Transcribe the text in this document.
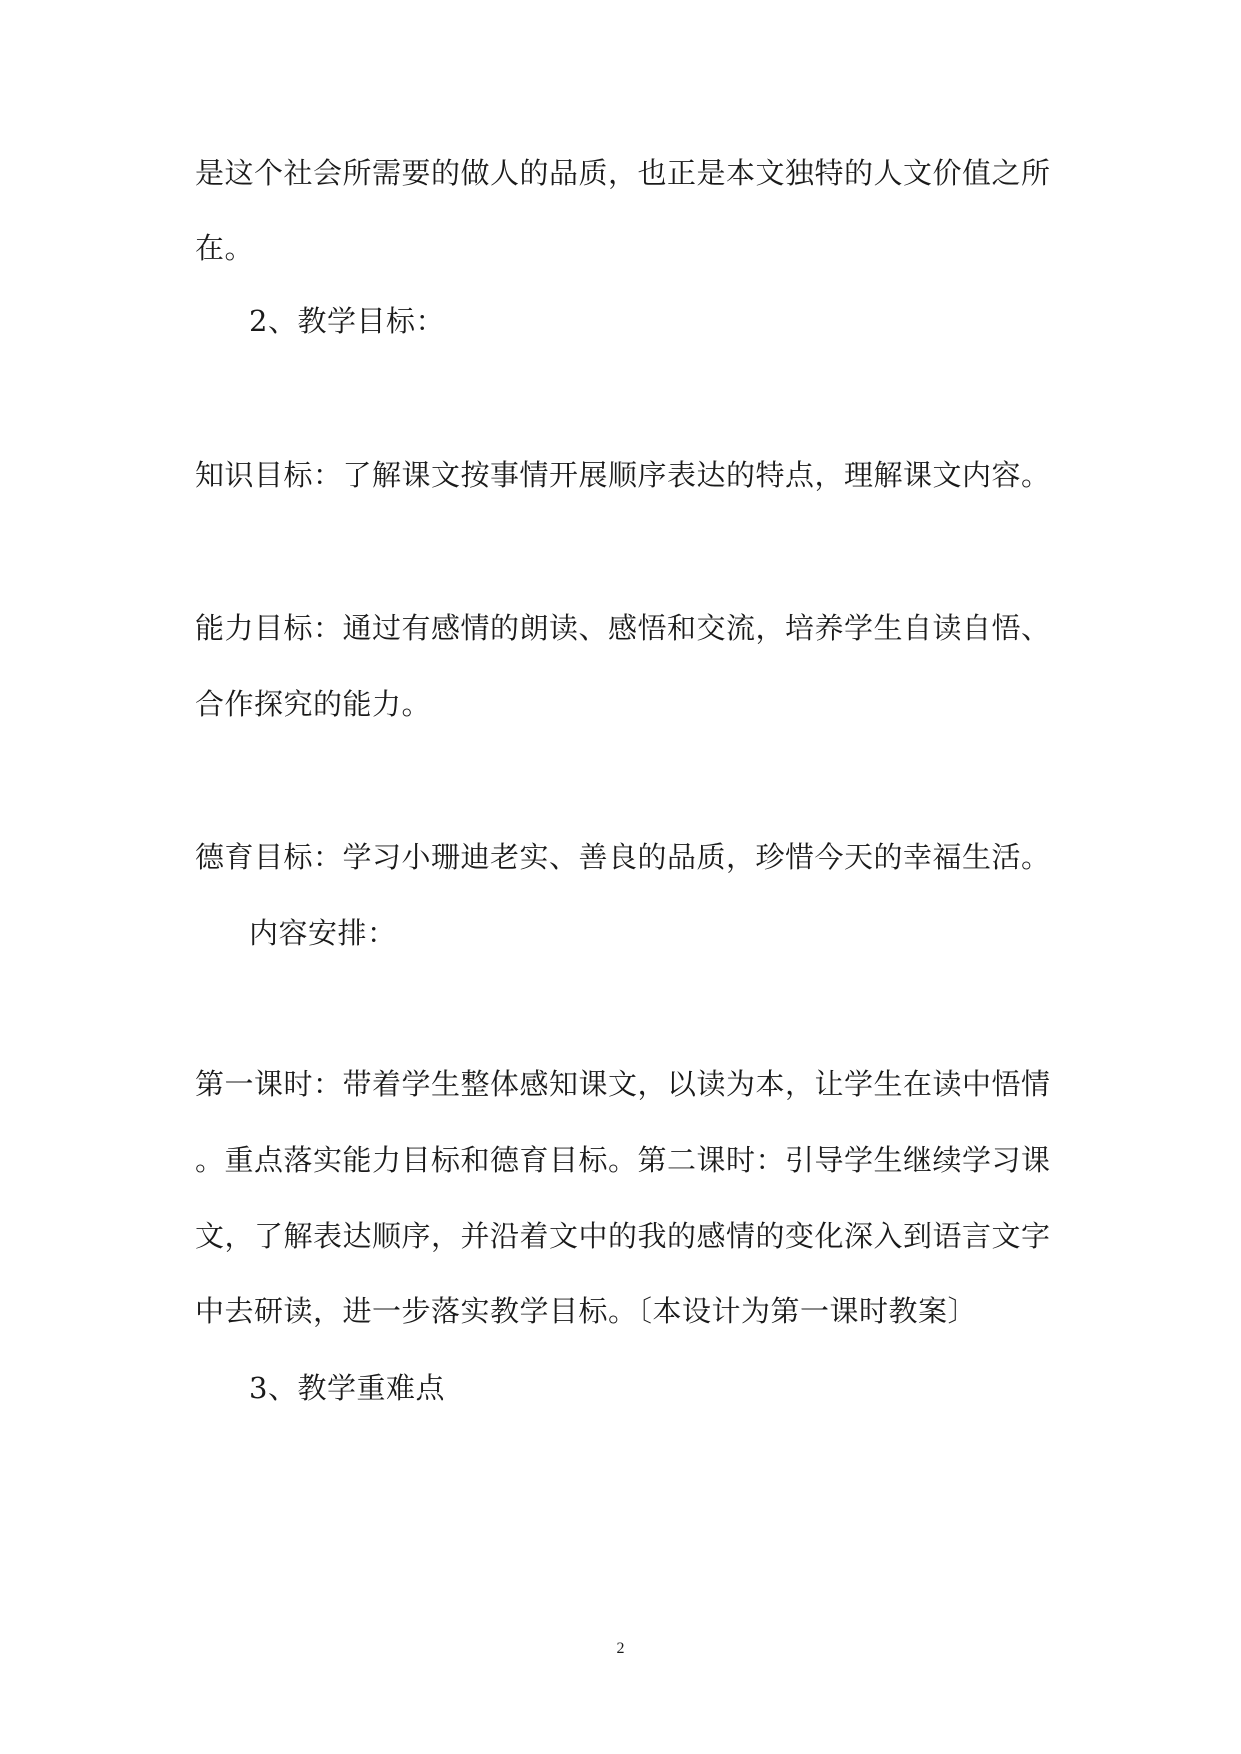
是这个社会所需要的做人的品质，也正是本文独特的人文价值之所
在。
2、教学目标：
知识目标：了解课文按事情开展顺序表达的特点，理解课文内容。
能力目标：通过有感情的朗读、感悟和交流，培养学生自读自悟、
合作探究的能力。
德育目标：学习小珊迪老实、善良的品质，珍惜今天的幸福生活。
内容安排：
第一课时：带着学生整体感知课文，以读为本，让学生在读中悟情
。重点落实能力目标和德育目标。第二课时：引导学生继续学习课
文，了解表达顺序，并沿着文中的我的感情的变化深入到语言文字
中去研读，进一步落实教学目标。〔本设计为第一课时教案〕
3、教学重难点
2
